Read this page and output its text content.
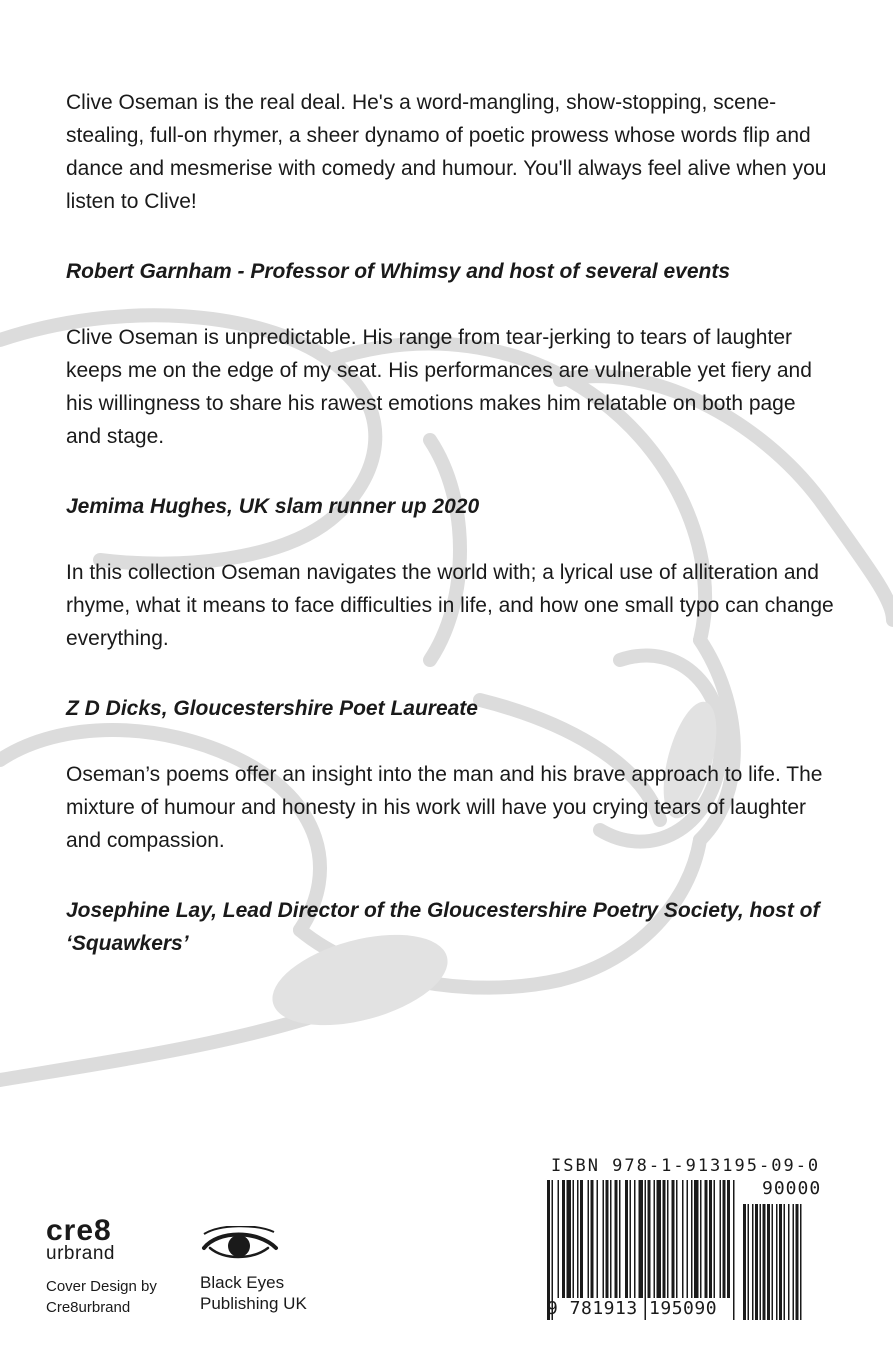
Clive Oseman is the real deal. He's a word-mangling, show-stopping, scene-stealing, full-on rhymer, a sheer dynamo of poetic prowess whose words flip and dance and mesmerise with comedy and humour. You'll always feel alive when you listen to Clive!

Robert Garnham - Professor of Whimsy and host of several events

Clive Oseman is unpredictable. His range from tear-jerking to tears of laughter keeps me on the edge of my seat. His performances are vulnerable yet fiery and his willingness to share his rawest emotions makes him relatable on both page and stage.

Jemima Hughes, UK slam runner up 2020

In this collection Oseman navigates the world with; a lyrical use of alliteration and rhyme, what it means to face difficulties in life, and how one small typo can change everything.

Z D Dicks, Gloucestershire Poet Laureate

Oseman’s poems offer an insight into the man and his brave approach to life. The mixture of humour and honesty in his work will have you crying tears of laughter and compassion.

Josephine Lay, Lead Director of the Gloucestershire Poetry Society, host of ‘Squawkers’

cre8
urbrand
Cover Design by Cre8urbrand
Black Eyes Publishing UK
ISBN 978-1-913195-09-0
90000
9 781913 195090
